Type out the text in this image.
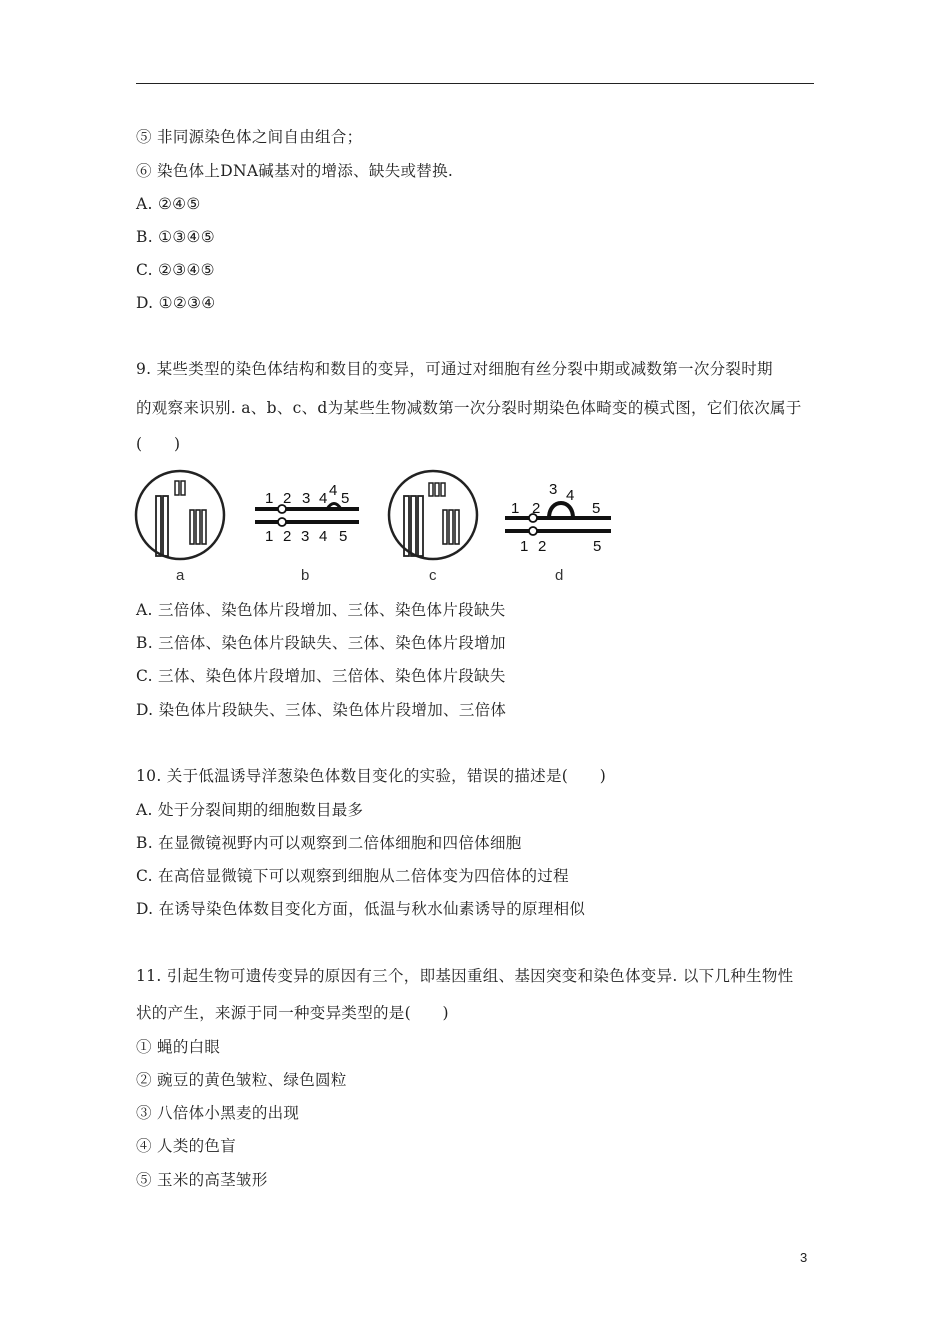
⑤ 非同源染色体之间自由组合；
⑥ 染色体上DNA碱基对的增添、缺失或替换.
A. ②④⑤
B. ①③④⑤
C. ②③④⑤
D. ①②③④
9. 某些类型的染色体结构和数目的变异，可通过对细胞有丝分裂中期或减数第一次分裂时期
的观察来识别. a、b、c、d为某些生物减数第一次分裂时期染色体畸变的模式图，它们依次属于
(　　)
a
1 2 3 4 4 5
1 2 3 4 5
b	c
1 2
3 4
5
1 2	5
d
A. 三倍体、染色体片段增加、三体、染色体片段缺失
B. 三倍体、染色体片段缺失、三体、染色体片段增加
C. 三体、染色体片段增加、三倍体、染色体片段缺失
D. 染色体片段缺失、三体、染色体片段增加、三倍体
10. 关于低温诱导洋葱染色体数目变化的实验，错误的描述是(　　)
A. 处于分裂间期的细胞数目最多
B. 在显微镜视野内可以观察到二倍体细胞和四倍体细胞
C. 在高倍显微镜下可以观察到细胞从二倍体变为四倍体的过程
D. 在诱导染色体数目变化方面，低温与秋水仙素诱导的原理相似
11. 引起生物可遗传变异的原因有三个，即基因重组、基因突变和染色体变异. 以下几种生物性
状的产生，来源于同一种变异类型的是(　　)
① 蝇的白眼
② 豌豆的黄色皱粒、绿色圆粒
③ 八倍体小黑麦的出现
④ 人类的色盲
⑤ 玉米的高茎皱形
3
